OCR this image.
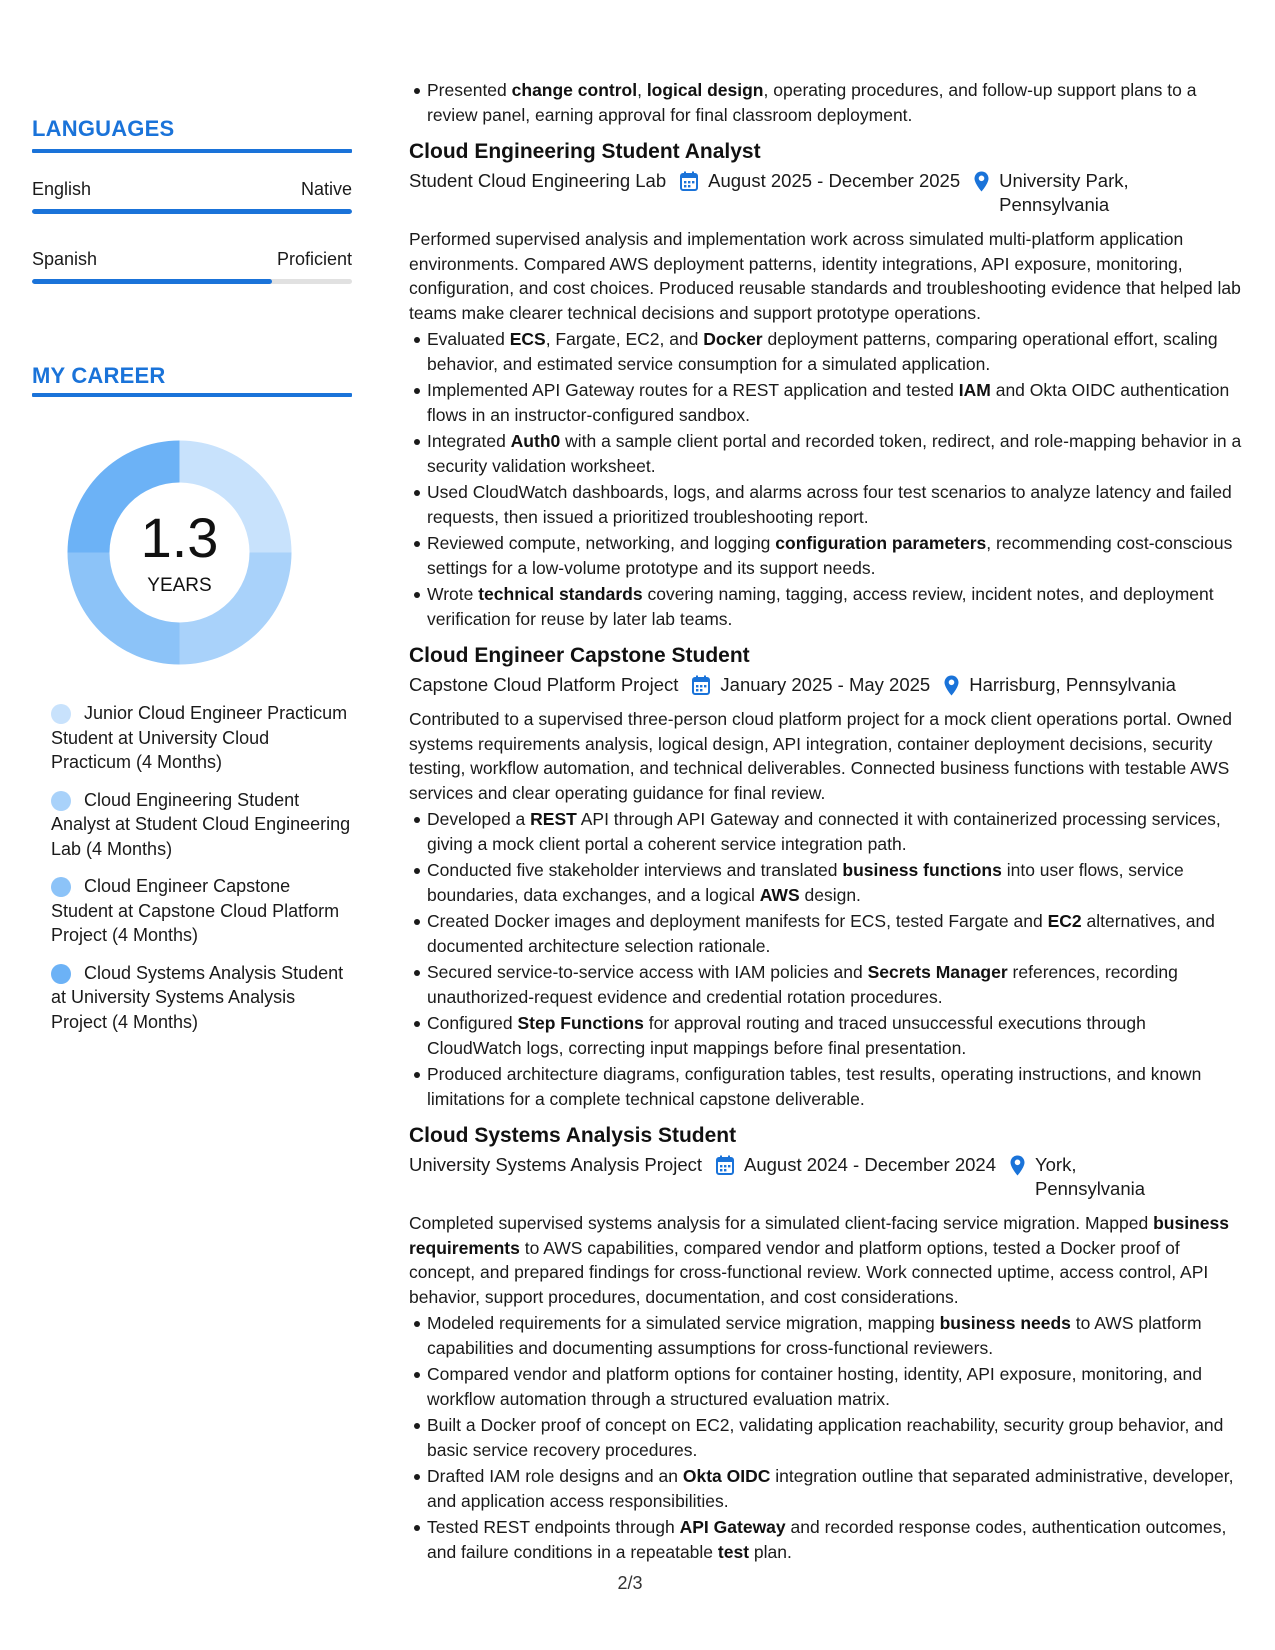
LANGUAGES
English	Native
Spanish	Proficient
MY CAREER
1.3
YEARS
Junior Cloud Engineer Practicum Student at University Cloud Practicum (4 Months)
Cloud Engineering Student Analyst at Student Cloud Engineering Lab (4 Months)
Cloud Engineer Capstone Student at Capstone Cloud Platform Project (4 Months)
Cloud Systems Analysis Student at University Systems Analysis Project (4 Months)
Presented change control, logical design, operating procedures, and follow-up support plans to a review panel, earning approval for final classroom deployment.
Cloud Engineering Student Analyst
Student Cloud Engineering Lab August 2025 - December 2025 University Park, Pennsylvania
Performed supervised analysis and implementation work across simulated multi-platform application environments. Compared AWS deployment patterns, identity integrations, API exposure, monitoring, configuration, and cost choices. Produced reusable standards and troubleshooting evidence that helped lab teams make clearer technical decisions and support prototype operations.
Evaluated ECS, Fargate, EC2, and Docker deployment patterns, comparing operational effort, scaling behavior, and estimated service consumption for a simulated application.
Implemented API Gateway routes for a REST application and tested IAM and Okta OIDC authentication flows in an instructor-configured sandbox.
Integrated Auth0 with a sample client portal and recorded token, redirect, and role-mapping behavior in a security validation worksheet.
Used CloudWatch dashboards, logs, and alarms across four test scenarios to analyze latency and failed requests, then issued a prioritized troubleshooting report.
Reviewed compute, networking, and logging configuration parameters, recommending cost-conscious settings for a low-volume prototype and its support needs.
Wrote technical standards covering naming, tagging, access review, incident notes, and deployment verification for reuse by later lab teams.
Cloud Engineer Capstone Student
Capstone Cloud Platform Project January 2025 - May 2025 Harrisburg, Pennsylvania
Contributed to a supervised three-person cloud platform project for a mock client operations portal. Owned systems requirements analysis, logical design, API integration, container deployment decisions, security testing, workflow automation, and technical deliverables. Connected business functions with testable AWS services and clear operating guidance for final review.
Developed a REST API through API Gateway and connected it with containerized processing services, giving a mock client portal a coherent service integration path.
Conducted five stakeholder interviews and translated business functions into user flows, service boundaries, data exchanges, and a logical AWS design.
Created Docker images and deployment manifests for ECS, tested Fargate and EC2 alternatives, and documented architecture selection rationale.
Secured service-to-service access with IAM policies and Secrets Manager references, recording unauthorized-request evidence and credential rotation procedures.
Configured Step Functions for approval routing and traced unsuccessful executions through CloudWatch logs, correcting input mappings before final presentation.
Produced architecture diagrams, configuration tables, test results, operating instructions, and known limitations for a complete technical capstone deliverable.
Cloud Systems Analysis Student
University Systems Analysis Project August 2024 - December 2024 York, Pennsylvania
Completed supervised systems analysis for a simulated client-facing service migration. Mapped business requirements to AWS capabilities, compared vendor and platform options, tested a Docker proof of concept, and prepared findings for cross-functional review. Work connected uptime, access control, API behavior, support procedures, documentation, and cost considerations.
Modeled requirements for a simulated service migration, mapping business needs to AWS platform capabilities and documenting assumptions for cross-functional reviewers.
Compared vendor and platform options for container hosting, identity, API exposure, monitoring, and workflow automation through a structured evaluation matrix.
Built a Docker proof of concept on EC2, validating application reachability, security group behavior, and basic service recovery procedures.
Drafted IAM role designs and an Okta OIDC integration outline that separated administrative, developer, and application access responsibilities.
Tested REST endpoints through API Gateway and recorded response codes, authentication outcomes, and failure conditions in a repeatable test plan.
2/3
